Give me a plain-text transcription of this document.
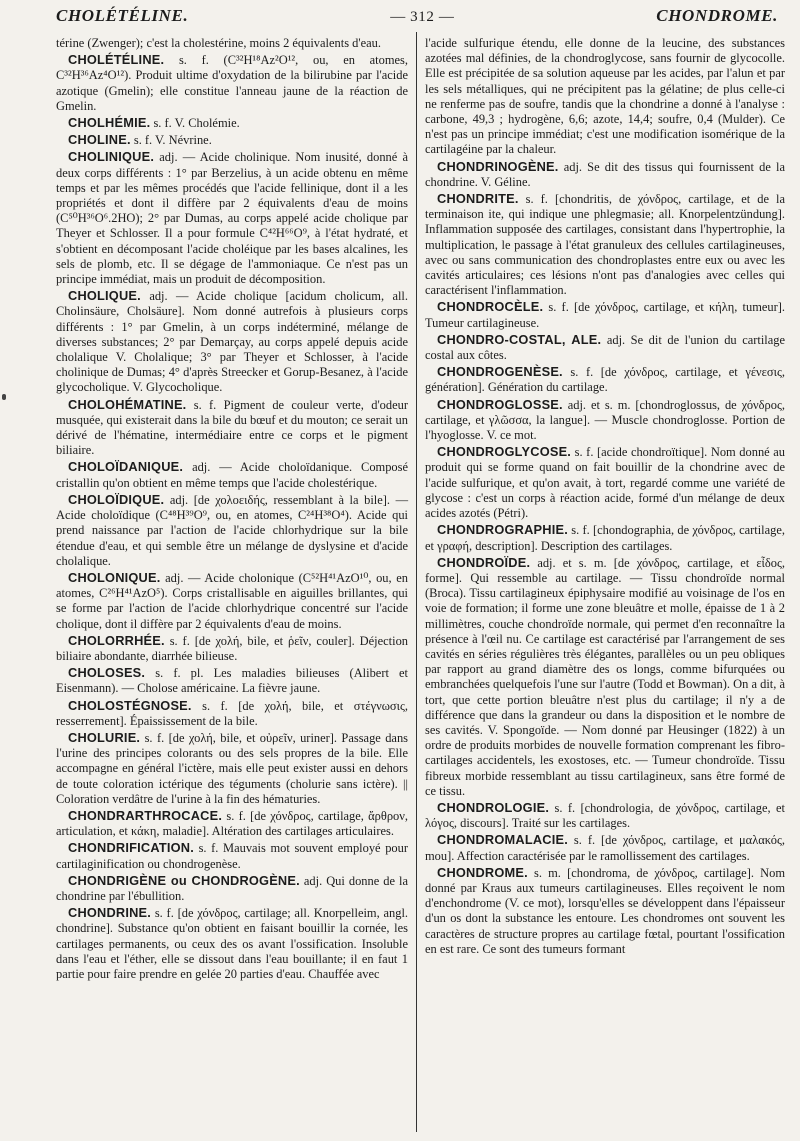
CHOLÉTÉLINE.	— 312 —	CHONDROME.

térine (Zwenger); c'est la cholestérine, moins 2 équivalents d'eau.

CHOLÉTÉLINE. s. f. (C³²H¹⁸Az²O¹², ou, en atomes, C³²H³⁶Az⁴O¹²). Produit ultime d'oxydation de la bilirubine par l'acide azotique (Gmelin); elle constitue l'anneau jaune de la réaction de Gmelin.

CHOLHÉMIE. s. f. V. Cholémie.

CHOLINE. s. f. V. Névrine.

CHOLINIQUE. adj. — Acide cholinique. Nom inusité, donné à deux corps différents : 1° par Berzelius, à un acide obtenu en même temps et par les mêmes procédés que l'acide fellinique, dont il a les propriétés et dont il diffère par 2 équivalents d'eau de moins (C⁵⁰H³⁶O⁶.2HO); 2° par Dumas, au corps appelé acide cholique par Theyer et Schlosser. Il a pour formule C⁴²H⁶⁶O⁹, à l'état hydraté, et s'obtient en décomposant l'acide choléique par les bases alcalines, les sels de plomb, etc. Il se dégage de l'ammoniaque. Ce n'est pas un principe immédiat, mais un produit de décomposition.

CHOLIQUE. adj. — Acide cholique [acidum cholicum, all. Cholinsäure, Cholsäure]. Nom donné autrefois à plusieurs corps différents : 1° par Gmelin, à un corps indéterminé, mélange de diverses substances; 2° par Demarçay, au corps appelé depuis acide cholalique V. Cholalique; 3° par Theyer et Schlosser, à l'acide cholinique de Dumas; 4° d'après Streecker et Gorup-Besanez, à l'acide glycocholique. V. Glycocholique.

CHOLOHÉMATINE. s. f. Pigment de couleur verte, d'odeur musquée, qui existerait dans la bile du bœuf et du mouton; ce serait un dérivé de l'hématine, intermédiaire entre ce corps et le pigment biliaire.

CHOLOÏDANIQUE. adj. — Acide choloïdanique. Composé cristallin qu'on obtient en même temps que l'acide cholestérique.

CHOLOÏDIQUE. adj. [de χολοειδής, ressemblant à la bile]. — Acide choloïdique (C⁴⁸H³⁹O⁹, ou, en atomes, C²⁴H³⁸O⁴). Acide qui prend naissance par l'action de l'acide chlorhydrique sur la bile étendue d'eau, et qui semble être un mélange de dyslysine et d'acide cholalique.

CHOLONIQUE. adj. — Acide cholonique (C⁵²H⁴¹AzO¹⁰, ou, en atomes, C²⁶H⁴¹AzO⁵). Corps cristallisable en aiguilles brillantes, qui se forme par l'action de l'acide chlorhydrique concentré sur l'acide cholique, dont il diffère par 2 équivalents d'eau de moins.

CHOLORRHÉE. s. f. [de χολή, bile, et ῥεῖν, couler]. Déjection biliaire abondante, diarrhée bilieuse.

CHOLOSES. s. f. pl. Les maladies bilieuses (Alibert et Eisenmann). — Cholose américaine. La fièvre jaune.

CHOLOSTÉGNOSE. s. f. [de χολή, bile, et στέγνωσις, resserrement]. Épaississement de la bile.

CHOLURIE. s. f. [de χολή, bile, et οὐρεῖν, uriner]. Passage dans l'urine des principes colorants ou des sels propres de la bile. Elle accompagne en général l'ictère, mais elle peut exister aussi en dehors de toute coloration ictérique des téguments (cholurie sans ictère). || Coloration verdâtre de l'urine à la fin des hématuries.

CHONDRARTHROCACE. s. f. [de χόνδρος, cartilage, ἄρθρον, articulation, et κάκη, maladie]. Altération des cartilages articulaires.

CHONDRIFICATION. s. f. Mauvais mot souvent employé pour cartilaginification ou chondrogenèse.

CHONDRIGÈNE ou CHONDROGÈNE. adj. Qui donne de la chondrine par l'ébullition.

CHONDRINE. s. f. [de χόνδρος, cartilage; all. Knorpelleim, angl. chondrine]. Substance qu'on obtient en faisant bouillir la cornée, les cartilages permanents, ou ceux des os avant l'ossification. Insoluble dans l'eau et l'éther, elle se dissout dans l'eau bouillante; il en faut 1 partie pour faire prendre en gelée 20 parties d'eau. Chauffée avec

l'acide sulfurique étendu, elle donne de la leucine, des substances azotées mal définies, de la chondroglycose, sans fournir de glycocolle. Elle est précipitée de sa solution aqueuse par les acides, par l'alun et par les sels métalliques, qui ne précipitent pas la gélatine; de plus celle-ci ne renferme pas de soufre, tandis que la chondrine a donné à l'analyse : carbone, 49,3 ; hydrogène, 6,6; azote, 14,4; soufre, 0,4 (Mulder). Ce n'est pas un principe immédiat; c'est une modification isomérique de la cartilagéine par la chaleur.

CHONDRINOGÈNE. adj. Se dit des tissus qui fournissent de la chondrine. V. Géline.

CHONDRITE. s. f. [chondritis, de χόνδρος, cartilage, et de la terminaison ite, qui indique une phlegmasie; all. Knorpelentzündung]. Inflammation supposée des cartilages, consistant dans l'hypertrophie, la multiplication, le passage à l'état granuleux des cellules cartilagineuses, avec ou sans communication des chondroplastes entre eux ou avec les cavités articulaires; ces lésions n'ont pas d'analogies avec celles qui caractérisent l'inflammation.

CHONDROCÈLE. s. f. [de χόνδρος, cartilage, et κήλη, tumeur]. Tumeur cartilagineuse.

CHONDRO-COSTAL, ALE. adj. Se dit de l'union du cartilage costal aux côtes.

CHONDROGENÈSE. s. f. [de χόνδρος, cartilage, et γένεσις, génération]. Génération du cartilage.

CHONDROGLOSSE. adj. et s. m. [chondroglossus, de χόνδρος, cartilage, et γλῶσσα, la langue]. — Muscle chondroglosse. Portion de l'hyoglosse. V. ce mot.

CHONDROGLYCOSE. s. f. [acide chondroïtique]. Nom donné au produit qui se forme quand on fait bouillir de la chondrine avec de l'acide sulfurique, et qu'on avait, à tort, regardé comme une variété de glycose : c'est un corps à réaction acide, formé d'un mélange de deux acides azotés (Pétri).

CHONDROGRAPHIE. s. f. [chondographia, de χόνδρος, cartilage, et γραφή, description]. Description des cartilages.

CHONDROÏDE. adj. et s. m. [de χόνδρος, cartilage, et εἶδος, forme]. Qui ressemble au cartilage. — Tissu chondroïde normal (Broca). Tissu cartilagineux épiphysaire modifié au voisinage de l'os en voie de formation; il forme une zone bleuâtre et molle, épaisse de 1 à 2 millimètres, couche chondroïde normale, qui permet d'en reconnaître la présence à l'œil nu. Ce cartilage est caractérisé par l'arrangement de ses cavités en séries régulières très élégantes, parallèles ou un peu obliques par rapport au grand diamètre des os longs, comme bifurquées ou embranchées quelquefois l'une sur l'autre (Todd et Bowman). On a dit, à tort, que cette portion bleuâtre n'est plus du cartilage; il n'y a de différence que dans la grandeur ou dans la disposition et le nombre de ses cavités. V. Spongoïde. — Nom donné par Heusinger (1822) à un ordre de produits morbides de nouvelle formation comprenant les fibro-cartilages accidentels, les exostoses, etc. — Tumeur chondroïde. Tissu fibreux morbide ressemblant au tissu cartilagineux, sans être formé de ce tissu.

CHONDROLOGIE. s. f. [chondrologia, de χόνδρος, cartilage, et λόγος, discours]. Traité sur les cartilages.

CHONDROMALACIE. s. f. [de χόνδρος, cartilage, et μαλακός, mou]. Affection caractérisée par le ramollissement des cartilages.

CHONDROME. s. m. [chondroma, de χόνδρος, cartilage]. Nom donné par Kraus aux tumeurs cartilagineuses. Elles reçoivent le nom d'enchondrome (V. ce mot), lorsqu'elles se développent dans l'épaisseur d'un os dont la substance les entoure. Les chondromes ont souvent les caractères de structure propres au cartilage fœtal, pourtant l'ossification en est rare. Ce sont des tumeurs formant
